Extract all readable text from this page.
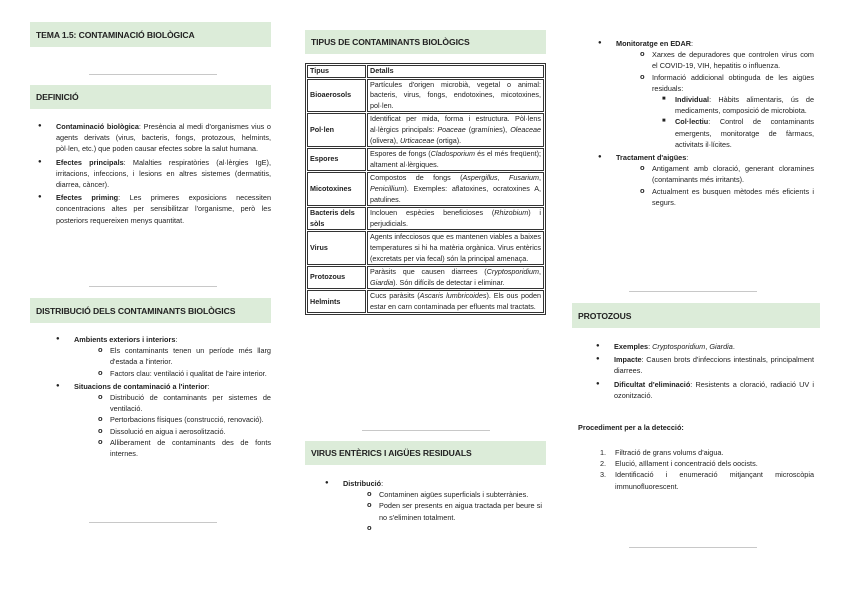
TEMA 1.5: CONTAMINACIÓ BIOLÒGICA
DEFINICIÓ
● Contaminació biològica: Presència al medi d'organismes vius o agents derivats (virus, bacteris, fongs, protozous, helmints, pòl·len, etc.) que poden causar efectes sobre la salut humana.
● Efectes principals: Malalties respiratòries (al·lèrgies IgE), irritacions, infeccions, i lesions en altres sistemes (dermatitis, diarrea, càncer).
● Efectes priming: Les primeres exposicions necessiten concentracions altes per sensibilitzar l'organisme, però les posteriors requereixen menys quantitat.
DISTRIBUCIÓ DELS CONTAMINANTS BIOLÒGICS
● Ambients exteriors i interiors:
o Els contaminants tenen un període més llarg d'estada a l'interior.
o Factors clau: ventilació i qualitat de l'aire interior.
● Situacions de contaminació a l'interior:
o Distribució de contaminants per sistemes de ventilació.
o Pertorbacions físiques (construcció, renovació).
o Dissolució en aigua i aerosolització.
o Alliberament de contaminants des de fonts internes.
TIPUS DE CONTAMINANTS BIOLÒGICS
Tipus	Detalls
Bioaerosols	Partícules d'origen microbià, vegetal o animal: bacteris, virus, fongs, endotoxines, micotoxines, pol·len.
Pol·len	Identificat per mida, forma i estructura. Pòl·lens al·lèrgics principals: Poaceae (gramínies), Oleaceae (olivera), Urticaceae (ortiga).
Espores	Espores de fongs (Cladosporium és el més freqüent); altament al·lèrgiques.
Micotoxines	Compostos de fongs (Aspergillus, Fusarium, Penicillium). Exemples: aflatoxines, ocratoxines A, patulines.
Bacteris dels sòls	Inclouen espècies beneficioses (Rhizobium) i perjudicials.
Virus	Agents infecciosos que es mantenen viables a baixes temperatures si hi ha matèria orgànica. Virus entèrics (excretats per via fecal) són la principal amenaça.
Protozous	Paràsits que causen diarrees (Cryptosporidium, Giardia). Són difícils de detectar i eliminar.
Helmints	Cucs paràsits (Ascaris lumbricoides). Els ous poden estar en carn contaminada per efluents mal tractats.
VIRUS ENTÈRICS I AIGÜES RESIDUALS
● Distribució:
o Contaminen aigües superficials i subterrànies.
o Poden ser presents en aigua tractada per beure si no s'eliminen totalment.
o
● Monitoratge en EDAR:
o Xarxes de depuradores que controlen virus com el COVID-19, VIH, hepatitis o influenza.
o Informació addicional obtinguda de les aigües residuals:
■ Individual: Hàbits alimentaris, ús de medicaments, composició de microbiota.
■ Col·lectiu: Control de contaminants emergents, monitoratge de fàrmacs, activitats il·lícites.
● Tractament d'aigües:
o Antigament amb cloració, generant cloramines (contaminants més irritants).
o Actualment es busquen mètodes més eficients i segurs.
PROTOZOUS
● Exemples: Cryptosporidium, Giardia.
● Impacte: Causen brots d'infeccions intestinals, principalment diarrees.
● Dificultat d'eliminació: Resistents a cloració, radiació UV i ozonització.
Procediment per a la detecció:
1. Filtració de grans volums d'aigua.
2. Elució, aïllament i concentració dels oocists.
3. Identificació i enumeració mitjançant microscòpia immunofluorescent.
